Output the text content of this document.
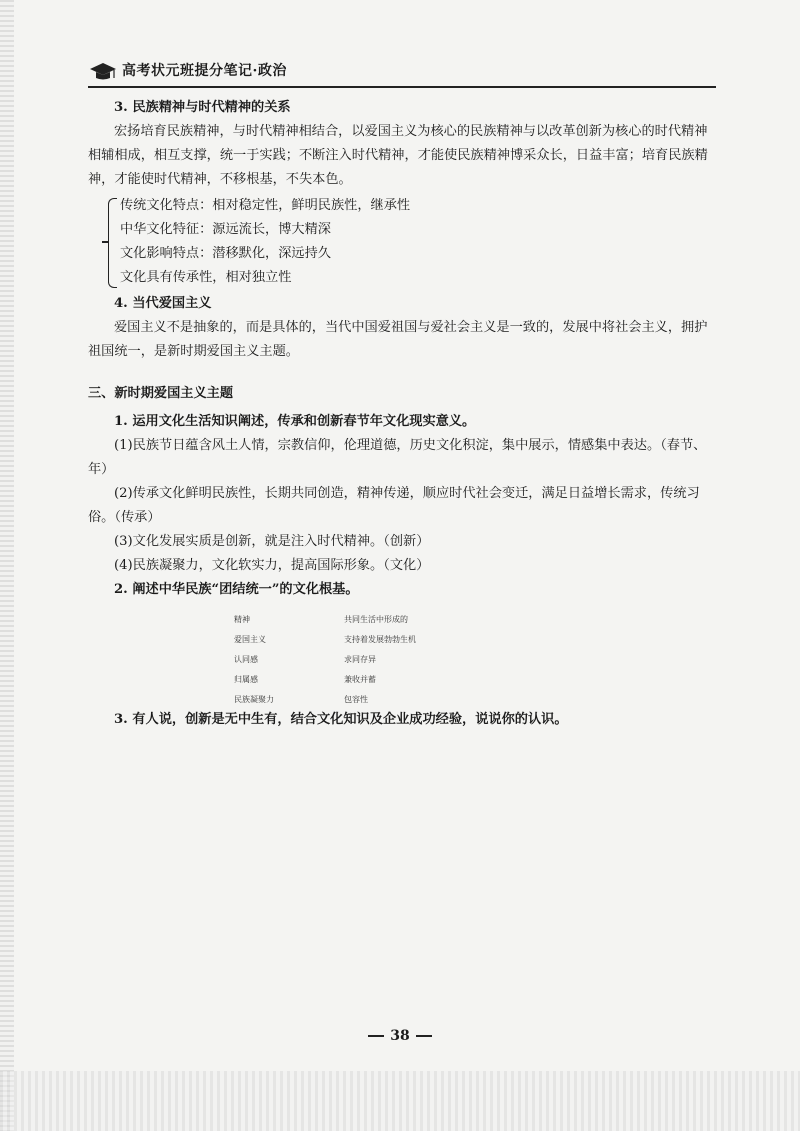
高考状元班提分笔记·政治

3. 民族精神与时代精神的关系

宏扬培育民族精神，与时代精神相结合，以爱国主义为核心的民族精神与以改革创新为核心的时代精神相辅相成，相互支撑，统一于实践；不断注入时代精神，才能使民族精神博采众长，日益丰富；培育民族精神，才能使时代精神，不移根基，不失本色。

传统文化特点：相对稳定性，鲜明民族性，继承性

中华文化特征：源远流长，博大精深

文化影响特点：潜移默化，深远持久

文化具有传承性，相对独立性

4. 当代爱国主义

爱国主义不是抽象的，而是具体的，当代中国爱祖国与爱社会主义是一致的，发展中将社会主义，拥护祖国统一，是新时期爱国主义主题。

三、新时期爱国主义主题

1. 运用文化生活知识阐述，传承和创新春节年文化现实意义。

(1)民族节日蕴含风土人情，宗教信仰，伦理道德，历史文化积淀，集中展示，情感集中表达。（春节、年）

(2)传承文化鲜明民族性，长期共同创造，精神传递，顺应时代社会变迁，满足日益增长需求，传统习俗。（传承）

(3)文化发展实质是创新，就是注入时代精神。（创新）

(4)民族凝聚力，文化软实力，提高国际形象。（文化）

2. 阐述中华民族“团结统一”的文化根基。

精神
爱国主义
认同感
归属感
民族凝聚力
共同生活中形成的
支持着发展勃勃生机
求同存异
兼收并蓄
包容性

3. 有人说，创新是无中生有，结合文化知识及企业成功经验，说说你的认识。

38
